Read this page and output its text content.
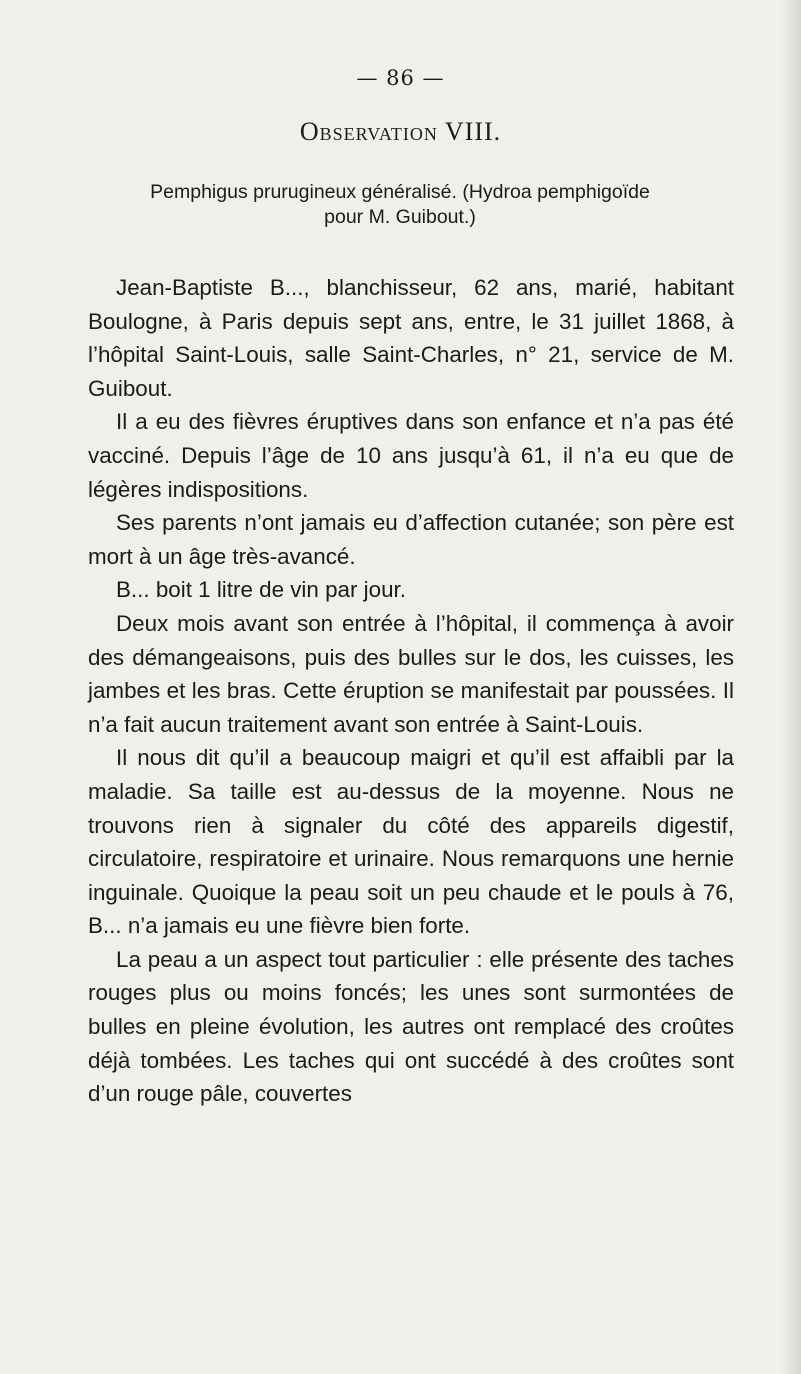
— 86 —
Observation VIII.
Pemphigus prurugineux généralisé. (Hydroa pemphigoïde pour M. Guibout.)

Jean-Baptiste B..., blanchisseur, 62 ans, marié, habitant Boulogne, à Paris depuis sept ans, entre, le 31 juillet 1868, à l’hôpital Saint-Louis, salle Saint-Charles, n° 21, service de M. Guibout.

Il a eu des fièvres éruptives dans son enfance et n’a pas été vacciné. Depuis l’âge de 10 ans jusqu’à 61, il n’a eu que de légères indispositions.

Ses parents n’ont jamais eu d’affection cutanée; son père est mort à un âge très-avancé.

B... boit 1 litre de vin par jour.

Deux mois avant son entrée à l’hôpital, il commença à avoir des démangeaisons, puis des bulles sur le dos, les cuisses, les jambes et les bras. Cette éruption se manifestait par poussées. Il n’a fait aucun traitement avant son entrée à Saint-Louis.

Il nous dit qu’il a beaucoup maigri et qu’il est affaibli par la maladie. Sa taille est au-dessus de la moyenne. Nous ne trouvons rien à signaler du côté des appareils digestif, circulatoire, respiratoire et urinaire. Nous remarquons une hernie inguinale. Quoique la peau soit un peu chaude et le pouls à 76, B... n’a jamais eu une fièvre bien forte.

La peau a un aspect tout particulier : elle présente des taches rouges plus ou moins foncés; les unes sont surmontées de bulles en pleine évolution, les autres ont remplacé des croûtes déjà tombées. Les taches qui ont succédé à des croûtes sont d’un rouge pâle, couvertes
